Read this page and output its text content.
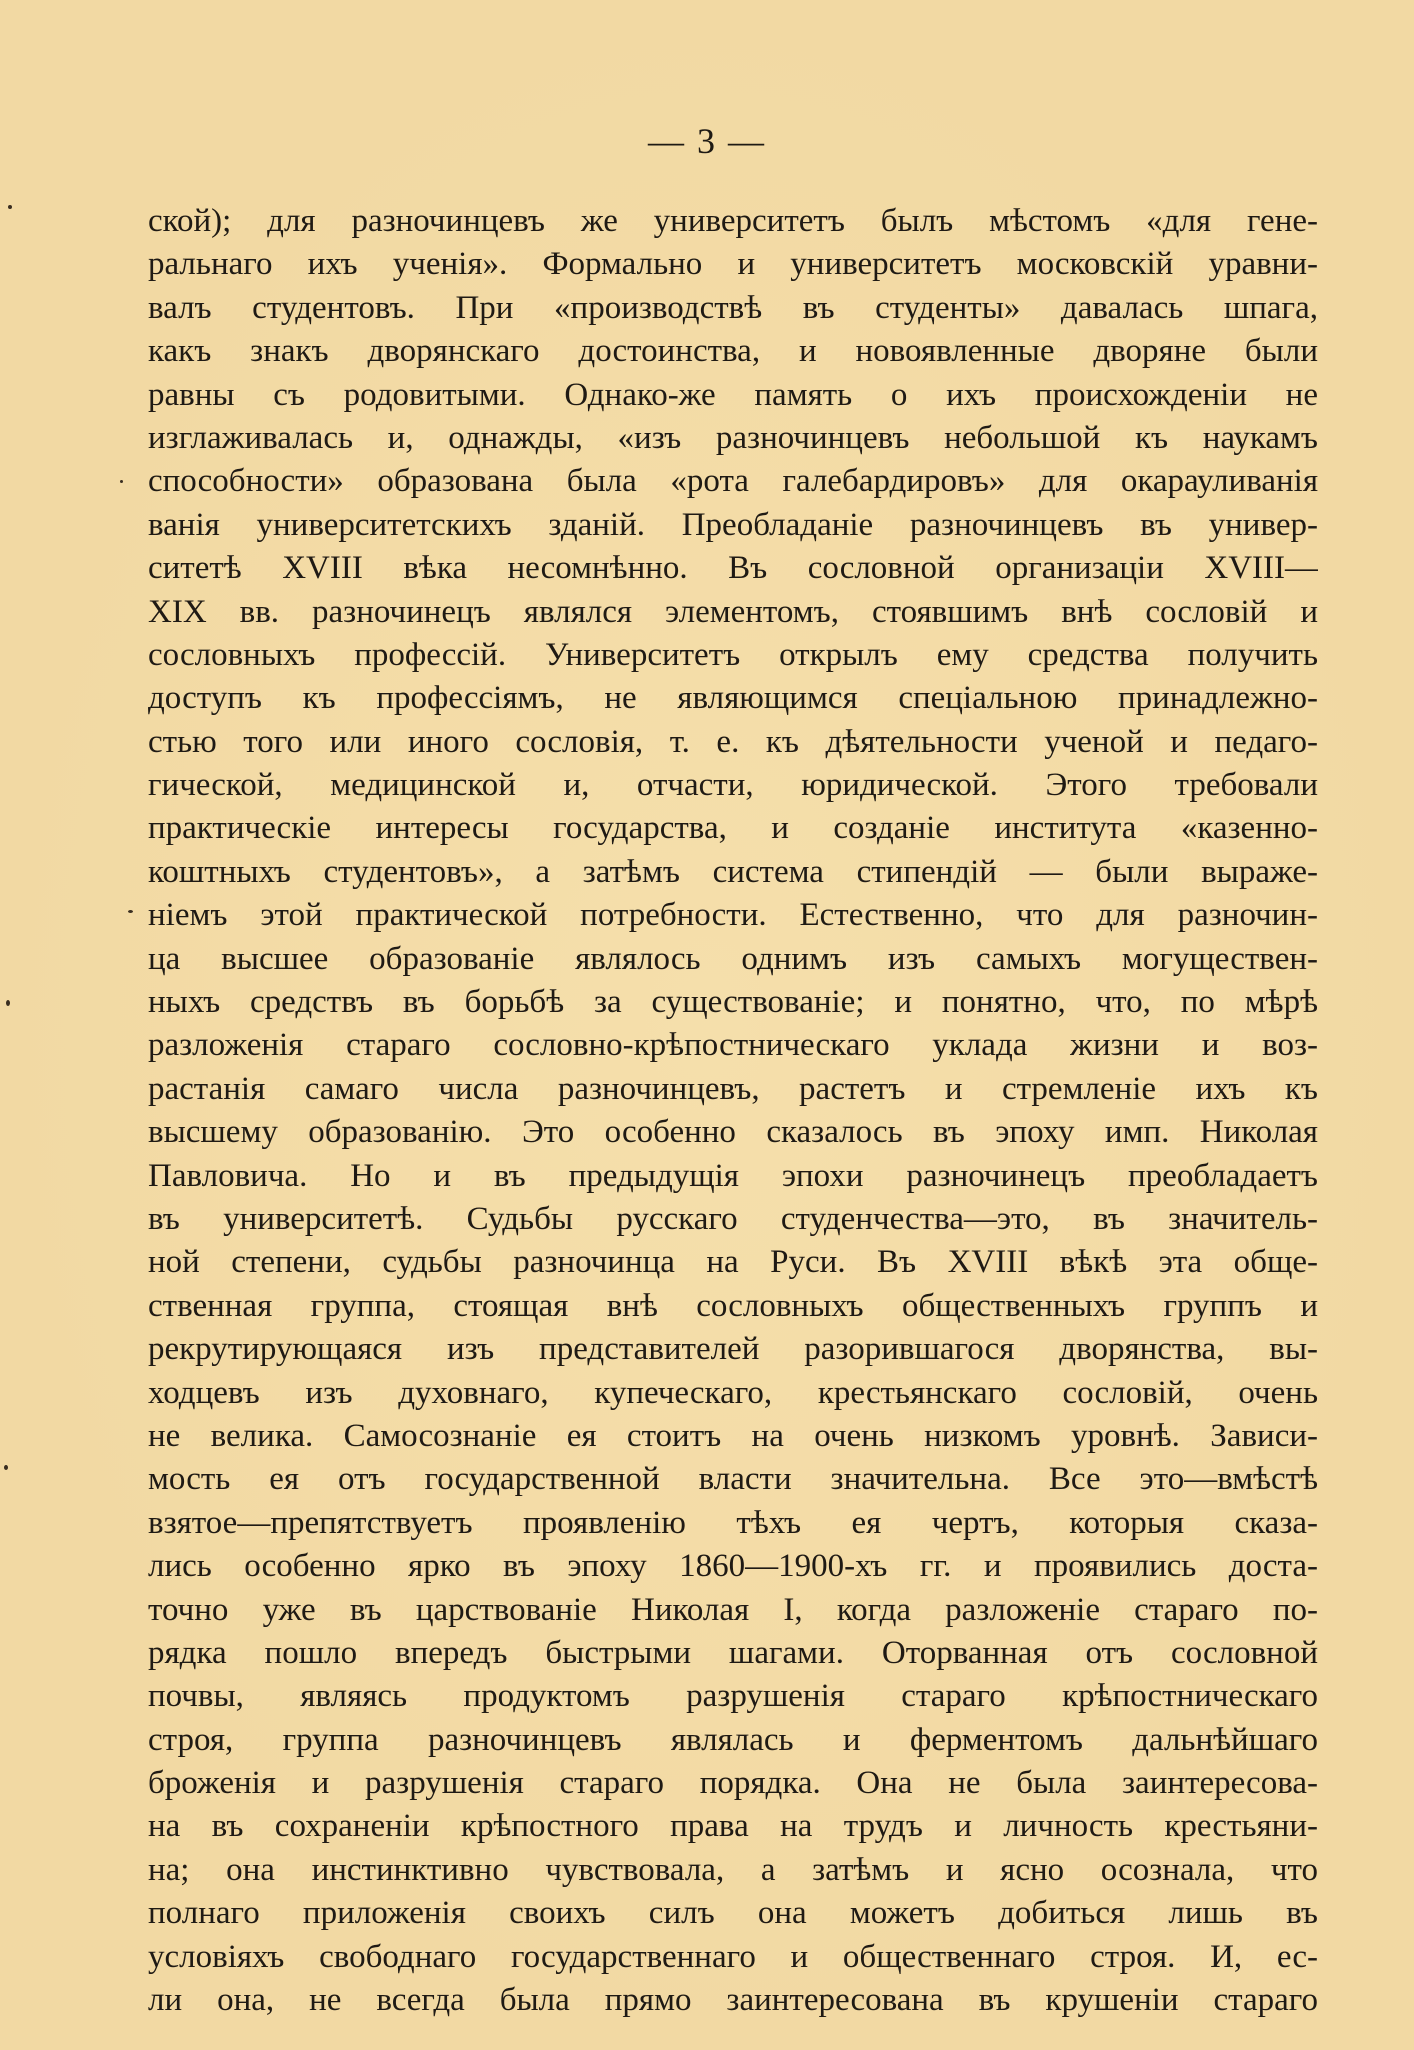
— 3 —
ской); для разночинцевъ же университетъ былъ мѣстомъ «для гене-
ральнаго ихъ ученія». Формально и университетъ московскій уравни-
валъ студентовъ. При «производствѣ въ студенты» давалась шпага,
какъ знакъ дворянскаго достоинства, и новоявленные дворяне были
равны съ родовитыми. Однако-же память о ихъ происхожденіи не
изглаживалась и, однажды, «изъ разночинцевъ небольшой къ наукамъ
способности» образована была «рота галебардировъ» для окарауливанія
ванія университетскихъ зданій. Преобладаніе разночинцевъ въ универ-
ситетѣ XVIII вѣка несомнѣнно. Въ сословной организаціи XVIII—
XIX вв. разночинецъ являлся элементомъ, стоявшимъ внѣ сословій и
сословныхъ профессій. Университетъ открылъ ему средства получить
доступъ къ профессіямъ, не являющимся спеціальною принадлежно-
стью того или иного сословія, т. е. къ дѣятельности ученой и педаго-
гической, медицинской и, отчасти, юридической. Этого требовали
практическіе интересы государства, и созданіе института «казенно-
коштныхъ студентовъ», а затѣмъ система стипендій — были выраже-
ніемъ этой практической потребности. Естественно, что для разночин-
ца высшее образованіе являлось однимъ изъ самыхъ могуществен-
ныхъ средствъ въ борьбѣ за существованіе; и понятно, что, по мѣрѣ
разложенія стараго сословно-крѣпостническаго уклада жизни и воз-
растанія самаго числа разночинцевъ, растетъ и стремленіе ихъ къ
высшему образованію. Это особенно сказалось въ эпоху имп. Николая
Павловича. Но и въ предыдущія эпохи разночинецъ преобладаетъ
въ университетѣ. Судьбы русскаго студенчества—это, въ значитель-
ной степени, судьбы разночинца на Руси. Въ XVIII вѣкѣ эта обще-
ственная группа, стоящая внѣ сословныхъ общественныхъ группъ и
рекрутирующаяся изъ представителей разорившагося дворянства, вы-
ходцевъ изъ духовнаго, купеческаго, крестьянскаго сословій, очень
не велика. Самосознаніе ея стоитъ на очень низкомъ уровнѣ. Зависи-
мость ея отъ государственной власти значительна. Все это—вмѣстѣ
взятое—препятствуетъ проявленію тѣхъ ея чертъ, которыя сказа-
лись особенно ярко въ эпоху 1860—1900-хъ гг. и проявились доста-
точно уже въ царствованіе Николая I, когда разложеніе стараго по-
рядка пошло впередъ быстрыми шагами. Оторванная отъ сословной
почвы, являясь продуктомъ разрушенія стараго крѣпостническаго
строя, группа разночинцевъ являлась и ферментомъ дальнѣйшаго
броженія и разрушенія стараго порядка. Она не была заинтересова-
на въ сохраненіи крѣпостного права на трудъ и личность крестьяни-
на; она инстинктивно чувствовала, а затѣмъ и ясно осознала, что
полнаго приложенія своихъ силъ она можетъ добиться лишь въ
условіяхъ свободнаго государственнаго и общественнаго строя. И, ес-
ли она, не всегда была прямо заинтересована въ крушеніи стараго
